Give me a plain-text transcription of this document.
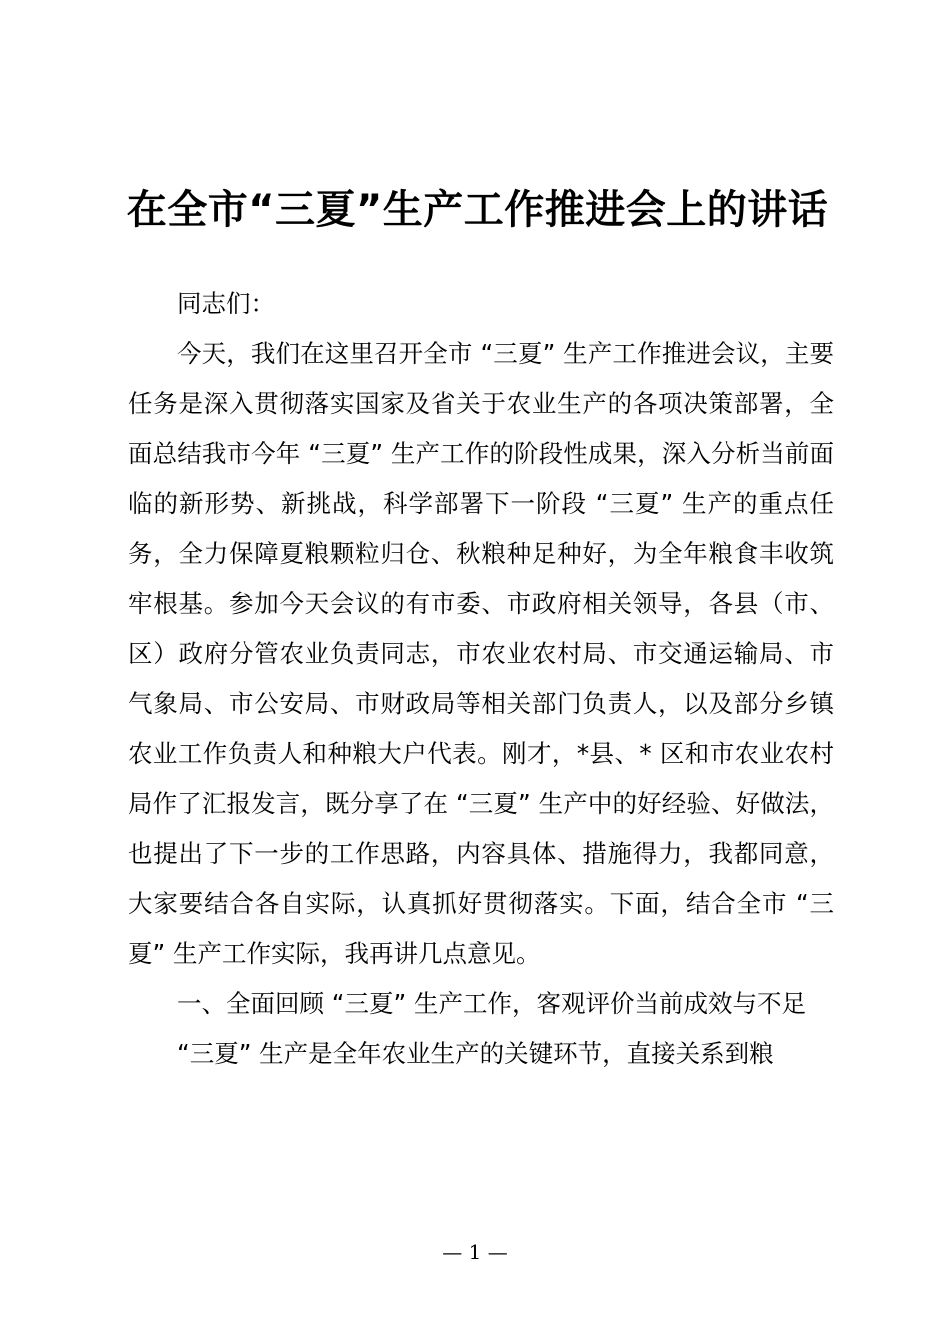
在全市“三夏”生产工作推进会上的讲话

同志们：

今天，我们在这里召开全市 “三夏” 生产工作推进会议，主要任务是深入贯彻落实国家及省关于农业生产的各项决策部署，全面总结我市今年 “三夏” 生产工作的阶段性成果，深入分析当前面临的新形势、新挑战，科学部署下一阶段 “三夏” 生产的重点任务，全力保障夏粮颗粒归仓、秋粮种足种好，为全年粮食丰收筑牢根基。参加今天会议的有市委、市政府相关领导，各县（市、区）政府分管农业负责同志，市农业农村局、市交通运输局、市气象局、市公安局、市财政局等相关部门负责人，以及部分乡镇农业工作负责人和种粮大户代表。刚才，*县、* 区和市农业农村局作了汇报发言，既分享了在 “三夏” 生产中的好经验、好做法，也提出了下一步的工作思路，内容具体、措施得力，我都同意，大家要结合各自实际，认真抓好贯彻落实。下面，结合全市 “三夏” 生产工作实际，我再讲几点意见。

一、全面回顾 “三夏” 生产工作，客观评价当前成效与不足

“三夏” 生产是全年农业生产的关键环节，直接关系到粮

— 1 —
